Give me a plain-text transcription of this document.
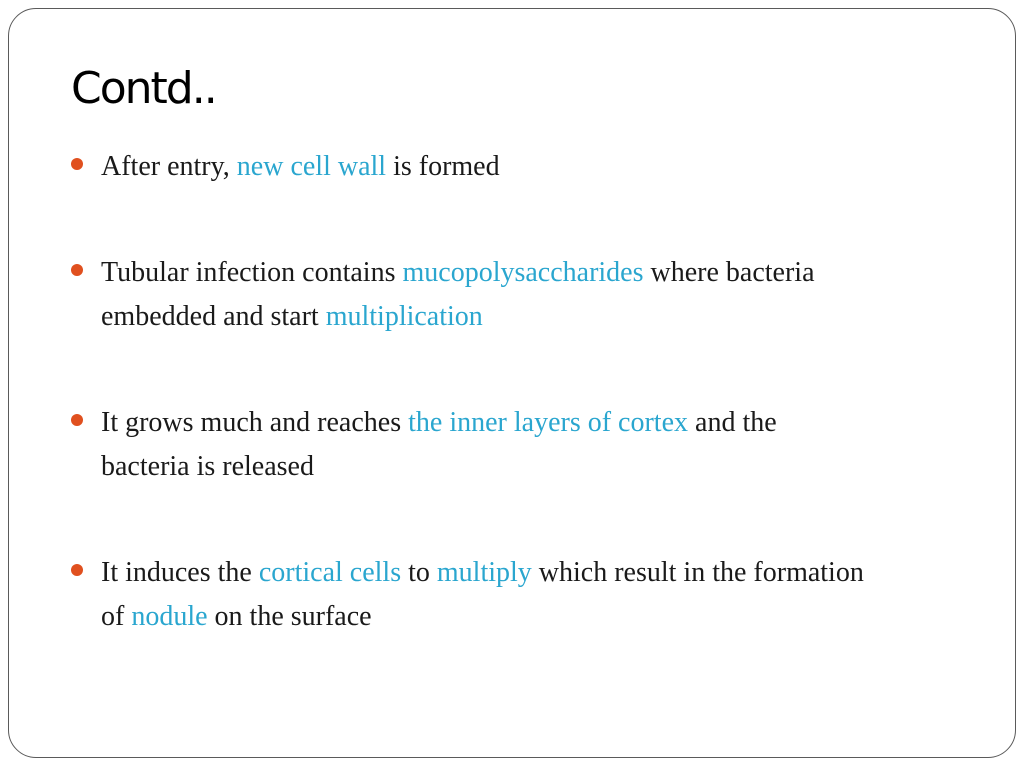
Contd..
After entry, new cell wall is formed
Tubular infection contains mucopolysaccharides where bacteria embedded and start multiplication
It grows much and reaches the inner layers of cortex and the bacteria is released
It induces the cortical cells to multiply which result in the formation of nodule on the surface
